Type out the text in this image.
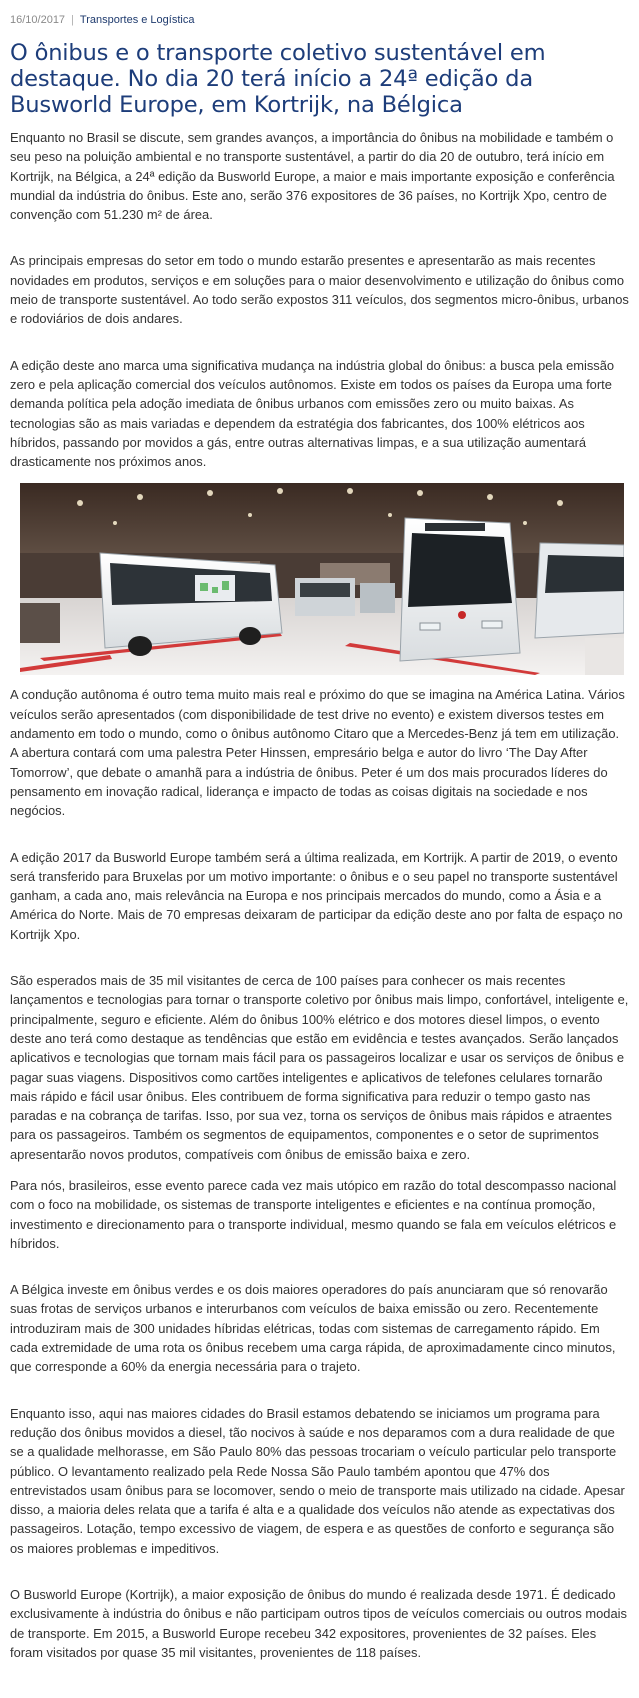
16/10/2017 | Transportes e Logística
O ônibus e o transporte coletivo sustentável em destaque. No dia 20 terá início a 24ª edição da Busworld Europe, em Kortrijk, na Bélgica

Enquanto no Brasil se discute, sem grandes avanços, a importância do ônibus na mobilidade e também o seu peso na poluição ambiental e no transporte sustentável, a partir do dia 20 de outubro, terá início em Kortrijk, na Bélgica, a 24ª edição da Busworld Europe, a maior e mais importante exposição e conferência mundial da indústria do ônibus. Este ano, serão 376 expositores de 36 países, no Kortrijk Xpo, centro de convenção com 51.230 m² de área.

As principais empresas do setor em todo o mundo estarão presentes e apresentarão as mais recentes novidades em produtos, serviços e em soluções para o maior desenvolvimento e utilização do ônibus como meio de transporte sustentável. Ao todo serão expostos 311 veículos, dos segmentos micro-ônibus, urbanos e rodoviários de dois andares.

A edição deste ano marca uma significativa mudança na indústria global do ônibus: a busca pela emissão zero e pela aplicação comercial dos veículos autônomos. Existe em todos os países da Europa uma forte demanda política pela adoção imediata de ônibus urbanos com emissões zero ou muito baixas. As tecnologias são as mais variadas e dependem da estratégia dos fabricantes, dos 100% elétricos aos híbridos, passando por movidos a gás, entre outras alternativas limpas, e a sua utilização aumentará drasticamente nos próximos anos.

A condução autônoma é outro tema muito mais real e próximo do que se imagina na América Latina. Vários veículos serão apresentados (com disponibilidade de test drive no evento) e existem diversos testes em andamento em todo o mundo, como o ônibus autônomo Citaro que a Mercedes-Benz já tem em utilização. A abertura contará com uma palestra Peter Hinssen, empresário belga e autor do livro ‘The Day After Tomorrow’, que debate o amanhã para a indústria de ônibus. Peter é um dos mais procurados líderes do pensamento em inovação radical, liderança e impacto de todas as coisas digitais na sociedade e nos negócios.

A edição 2017 da Busworld Europe também será a última realizada, em Kortrijk. A partir de 2019, o evento será transferido para Bruxelas por um motivo importante: o ônibus e o seu papel no transporte sustentável ganham, a cada ano, mais relevância na Europa e nos principais mercados do mundo, como a Ásia e a América do Norte. Mais de 70 empresas deixaram de participar da edição deste ano por falta de espaço no Kortrijk Xpo.

São esperados mais de 35 mil visitantes de cerca de 100 países para conhecer os mais recentes lançamentos e tecnologias para tornar o transporte coletivo por ônibus mais limpo, confortável, inteligente e, principalmente, seguro e eficiente. Além do ônibus 100% elétrico e dos motores diesel limpos, o evento deste ano terá como destaque as tendências que estão em evidência e testes avançados. Serão lançados aplicativos e tecnologias que tornam mais fácil para os passageiros localizar e usar os serviços de ônibus e pagar suas viagens. Dispositivos como cartões inteligentes e aplicativos de telefones celulares tornarão mais rápido e fácil usar ônibus. Eles contribuem de forma significativa para reduzir o tempo gasto nas paradas e na cobrança de tarifas. Isso, por sua vez, torna os serviços de ônibus mais rápidos e atraentes para os passageiros. Também os segmentos de equipamentos, componentes e o setor de suprimentos apresentarão novos produtos, compatíveis com ônibus de emissão baixa e zero.

Para nós, brasileiros, esse evento parece cada vez mais utópico em razão do total descompasso nacional com o foco na mobilidade, os sistemas de transporte inteligentes e eficientes e na contínua promoção, investimento e direcionamento para o transporte individual, mesmo quando se fala em veículos elétricos e híbridos.

A Bélgica investe em ônibus verdes e os dois maiores operadores do país anunciaram que só renovarão suas frotas de serviços urbanos e interurbanos com veículos de baixa emissão ou zero. Recentemente introduziram mais de 300 unidades híbridas elétricas, todas com sistemas de carregamento rápido. Em cada extremidade de uma rota os ônibus recebem uma carga rápida, de aproximadamente cinco minutos, que corresponde a 60% da energia necessária para o trajeto.

Enquanto isso, aqui nas maiores cidades do Brasil estamos debatendo se iniciamos um programa para redução dos ônibus movidos a diesel, tão nocivos à saúde e nos deparamos com a dura realidade de que se a qualidade melhorasse, em São Paulo 80% das pessoas trocariam o veículo particular pelo transporte público. O levantamento realizado pela Rede Nossa São Paulo também apontou que 47% dos entrevistados usam ônibus para se locomover, sendo o meio de transporte mais utilizado na cidade. Apesar disso, a maioria deles relata que a tarifa é alta e a qualidade dos veículos não atende as expectativas dos passageiros. Lotação, tempo excessivo de viagem, de espera e as questões de conforto e segurança são os maiores problemas e impeditivos.

O Busworld Europe (Kortrijk), a maior exposição de ônibus do mundo é realizada desde 1971. É dedicado exclusivamente à indústria do ônibus e não participam outros tipos de veículos comerciais ou outros modais de transporte. Em 2015, a Busworld Europe recebeu 342 expositores, provenientes de 32 países. Eles foram visitados por quase 35 mil visitantes, provenientes de 118 países.
